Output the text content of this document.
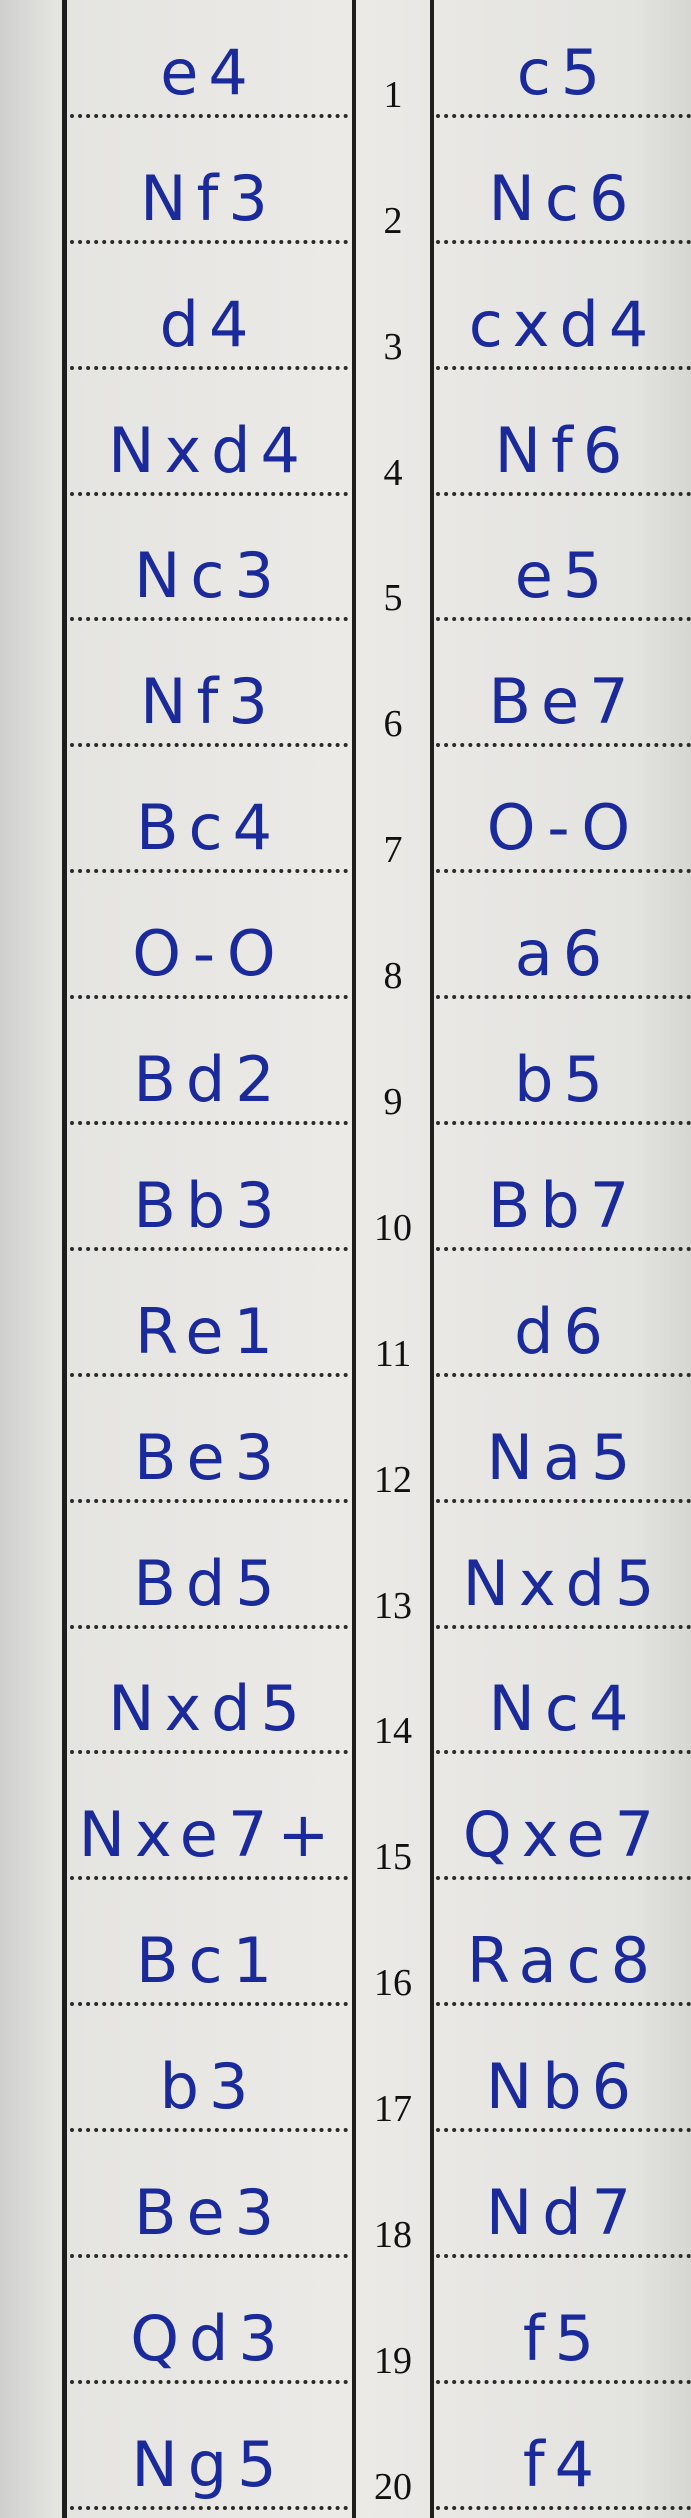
e4	1 c5
Nf3	2 Nc6
d4	3 cxd4
Nxd4 4 Nf6
Nc3	5 e5
Nf3	6 Be7
Bc4	7 O-O
O-O	8 a6
Bd2	9 b5
Bb3 10 Bb7
Re1 11 d6
Be3 12 Na5
Bd5 13 Nxd5
Nxd5 14 Nc4
Nxe7+ 15 Qxe7
Bc1 16 Rac8
b3	17 Nb6
Be3 18 Nd7
Qd3 19 f5
Ng5 20 f4
